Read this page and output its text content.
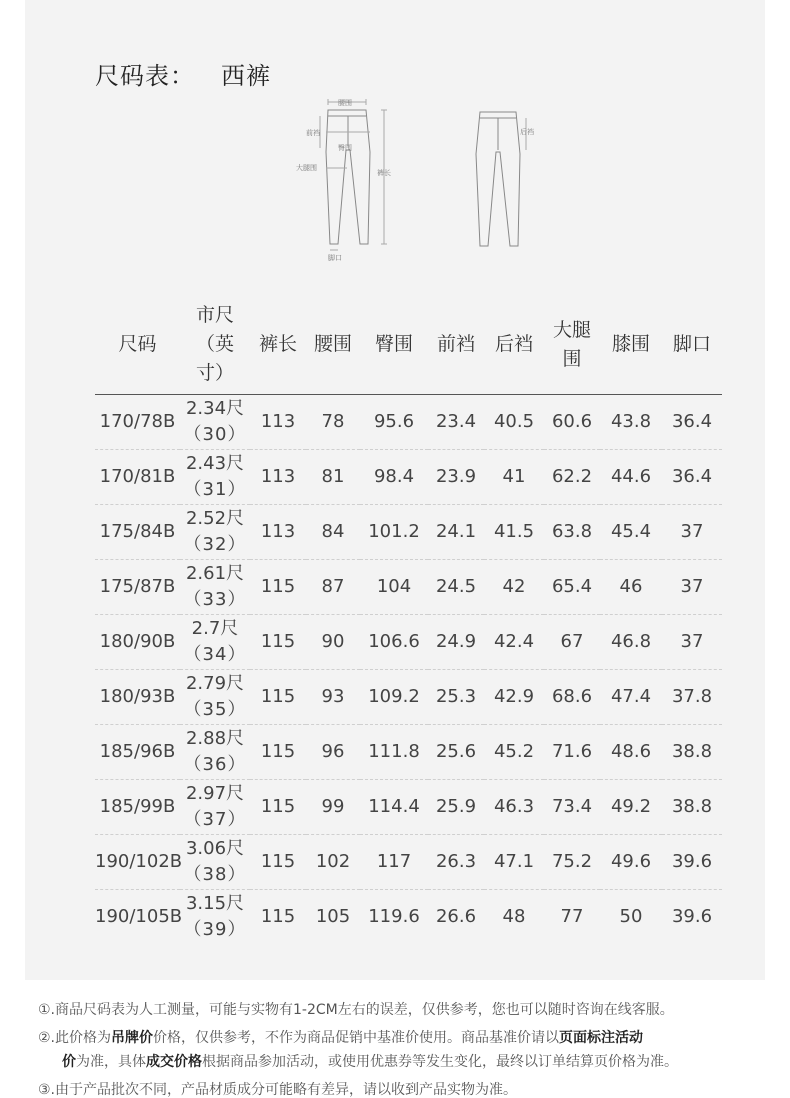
尺码表： 西裤
腰围
前裆
臀围
大腿围
裤长
脚口
后裆
尺码	市尺
（英
寸）	裤长	腰围	臀围	前裆	后裆	大腿
围	膝围	脚口
170/78B	2.34尺
（30）	113	78	95.6	23.4	40.5	60.6	43.8	36.4
170/81B	2.43尺
（31）	113	81	98.4	23.9	41	62.2	44.6	36.4
175/84B	2.52尺
（32）	113	84	101.2	24.1	41.5	63.8	45.4	37
175/87B	2.61尺
（33）	115	87	104	24.5	42	65.4	46	37
180/90B	2.7尺
（34）	115	90	106.6	24.9	42.4	67	46.8	37
180/93B	2.79尺
（35）	115	93	109.2	25.3	42.9	68.6	47.4	37.8
185/96B	2.88尺
（36）	115	96	111.8	25.6	45.2	71.6	48.6	38.8
185/99B	2.97尺
（37）	115	99	114.4	25.9	46.3	73.4	49.2	38.8
190/102B	3.06尺
（38）	115	102	117	26.3	47.1	75.2	49.6	39.6
190/105B	3.15尺
（39）	115	105	119.6	26.6	48	77	50	39.6
①.商品尺码表为人工测量，可能与实物有1-2CM左右的误差，仅供参考，您也可以随时咨询在线客服。
②.此价格为吊牌价价格，仅供参考，不作为商品促销中基准价使用。商品基准价请以页面标注活动
价为准，具体成交价格根据商品参加活动，或使用优惠券等发生变化，最终以订单结算页价格为准。
③.由于产品批次不同，产品材质成分可能略有差异，请以收到产品实物为准。
